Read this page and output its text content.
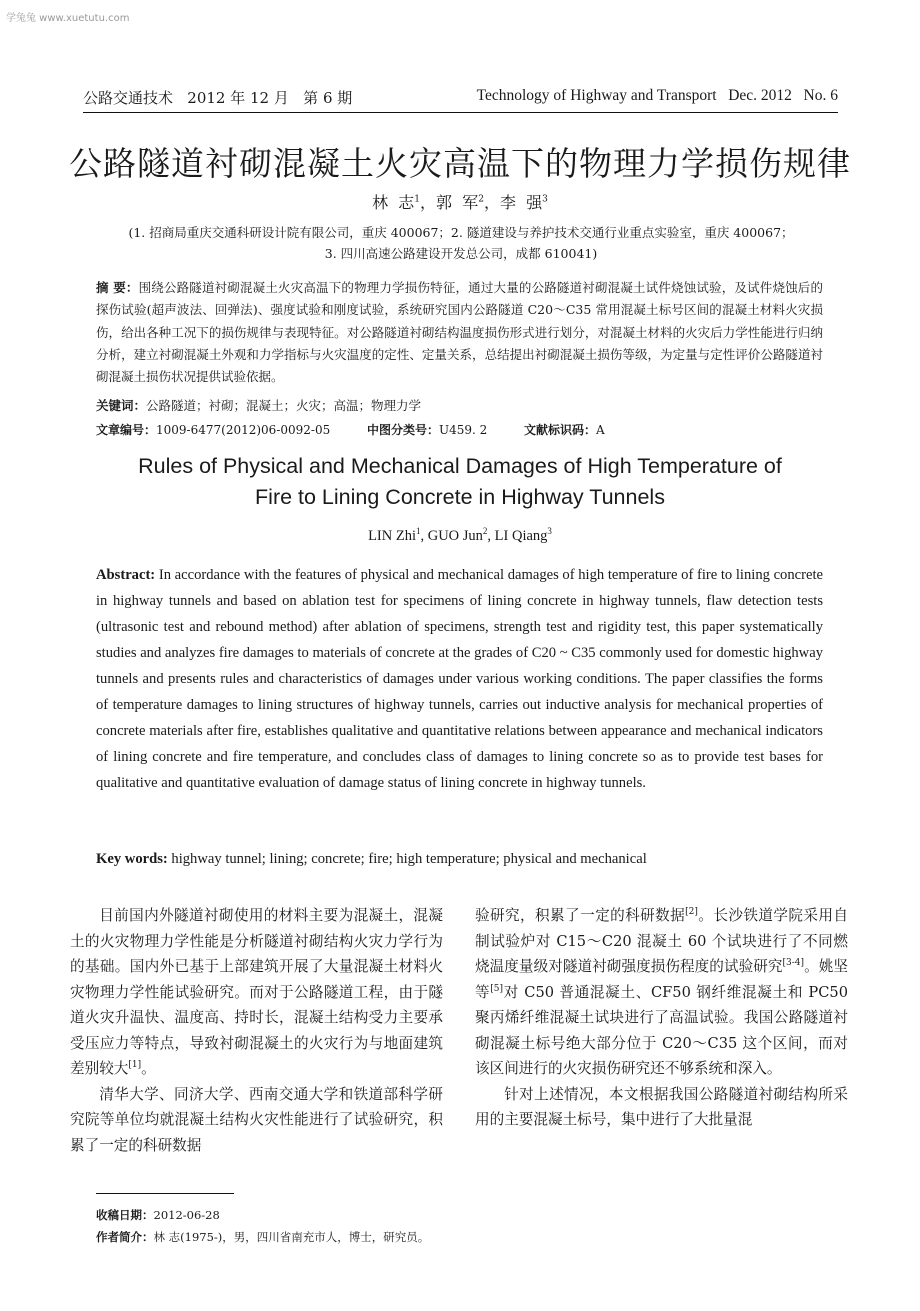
学兔兔 www.xuetutu.com
公路交通技术   2012 年 12 月   第 6 期	Technology of Highway and Transport   Dec. 2012   No. 6
公路隧道衬砌混凝土火灾高温下的物理力学损伤规律
林  志$^1$，郭  军$^2$，李  强$^3$
(1. 招商局重庆交通科研设计院有限公司，重庆 400067；2. 隧道建设与养护技术交通行业重点实验室，重庆 400067；
3. 四川高速公路建设开发总公司，成都 610041)
摘 要：围绕公路隧道衬砌混凝土火灾高温下的物理力学损伤特征，通过大量的公路隧道衬砌混凝土试件烧蚀试验，及试件烧蚀后的探伤试验(超声波法、回弹法)、强度试验和刚度试验，系统研究国内公路隧道 C20～C35 常用混凝土标号区间的混凝土材料火灾损伤，给出各种工况下的损伤规律与表现特征。对公路隧道衬砌结构温度损伤形式进行划分，对混凝土材料的火灾后力学性能进行归纳分析，建立衬砌混凝土外观和力学指标与火灾温度的定性、定量关系，总结提出衬砌混凝土损伤等级，为定量与定性评价公路隧道衬砌混凝土损伤状况提供试验依据。
关键词：公路隧道；衬砌；混凝土；火灾；高温；物理力学
文章编号：1009-6477(2012)06-0092-05	中图分类号：U459. 2	文献标识码：A
Rules of Physical and Mechanical Damages of High Temperature of
Fire to Lining Concrete in Highway Tunnels
LIN Zhi$^1$, GUO Jun$^2$, LI Qiang$^3$
Abstract: In accordance with the features of physical and mechanical damages of high temperature of fire to lining concrete in highway tunnels and based on ablation test for specimens of lining concrete in highway tunnels, flaw detection tests (ultrasonic test and rebound method) after ablation of specimens, strength test and rigidity test, this paper systematically studies and analyzes fire damages to materials of concrete at the grades of C20 ~ C35 commonly used for domestic highway tunnels and presents rules and characteristics of damages under various working conditions. The paper classifies the forms of temperature damages to lining structures of highway tunnels, carries out inductive analysis for mechanical properties of concrete materials after fire, establishes qualitative and quantitative relations between appearance and mechanical indicators of lining concrete and fire temperature, and concludes class of damages to lining concrete so as to provide test bases for qualitative and quantitative evaluation of damage status of lining concrete in highway tunnels.
Key words: highway tunnel; lining; concrete; fire; high temperature; physical and mechanical

目前国内外隧道衬砌使用的材料主要为混凝土，混凝土的火灾物理力学性能是分析隧道衬砌结构火灾力学行为的基础。国内外已基于上部建筑开展了大量混凝土材料火灾物理力学性能试验研究。而对于公路隧道工程，由于隧道火灾升温快、温度高、持时长，混凝土结构受力主要承受压应力等特点，导致衬砌混凝土的火灾行为与地面建筑差别较大[1]。

清华大学、同济大学、西南交通大学和铁道部科学研究院等单位均就混凝土结构火灾性能进行了试验研究，积累了一定的科研数据

验研究，积累了一定的科研数据[2]。长沙铁道学院采用自制试验炉对 C15～C20 混凝土 60 个试块进行了不同燃烧温度量级对隧道衬砌强度损伤程度的试验研究[3-4]。姚坚等[5]对 C50 普通混凝土、CF50 钢纤维混凝土和 PC50 聚丙烯纤维混凝土试块进行了高温试验。我国公路隧道衬砌混凝土标号绝大部分位于 C20～C35 这个区间，而对该区间进行的火灾损伤研究还不够系统和深入。

针对上述情况，本文根据我国公路隧道衬砌结构所采用的主要混凝土标号，集中进行了大批量混

收稿日期：2012-06-28
作者简介：林 志(1975-)，男，四川省南充市人，博士，研究员。
